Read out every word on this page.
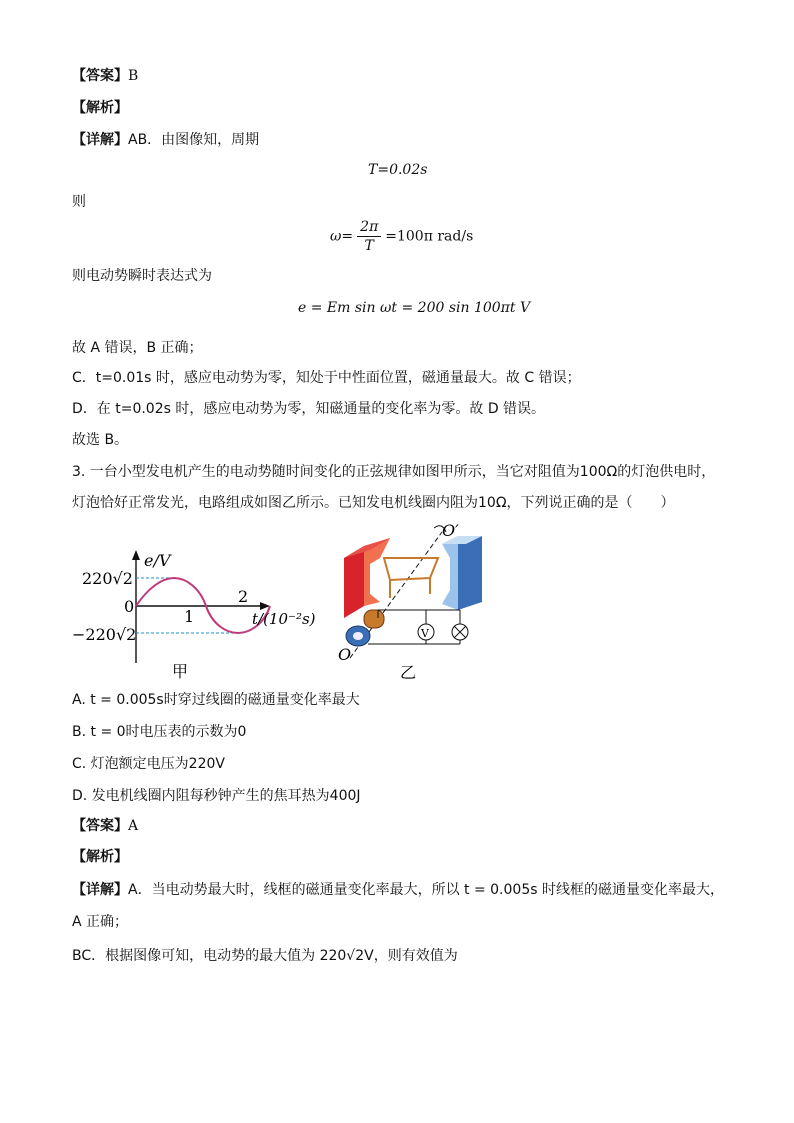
【答案】B
【解析】
【详解】AB．由图像知，周期
T=0.02s
则
$\omega= \frac{2\pi}{T} =100\pi$ rad/s
则电动势瞬时表达式为
e = Em sin ωt = 200 sin 100πt V
故 A 错误，B 正确；
C．t=0.01s 时，感应电动势为零，知处于中性面位置，磁通量最大。故 C 错误；
D．在 t=0.02s 时，感应电动势为零，知磁通量的变化率为零。故 D 错误。
故选 B。
3. 一台小型发电机产生的电动势随时间变化的正弦规律如图甲所示，当它对阻值为100Ω的灯泡供电时，
灯泡恰好正常发光，电路组成如图乙所示。已知发电机线圈内阻为10Ω，下列说正确的是（　　）
e/V
220√2
0
−220√2
1
2
t/(10⁻²s)
甲
O′
O
V
乙
A. t = 0.005s时穿过线圈的磁通量变化率最大
B. t = 0时电压表的示数为0
C. 灯泡额定电压为220V
D. 发电机线圈内阻每秒钟产生的焦耳热为400J
【答案】A
【解析】
【详解】A．当电动势最大时，线框的磁通量变化率最大，所以 t = 0.005s 时线框的磁通量变化率最大，
A 正确；
BC．根据图像可知，电动势的最大值为 220√2V，则有效值为
